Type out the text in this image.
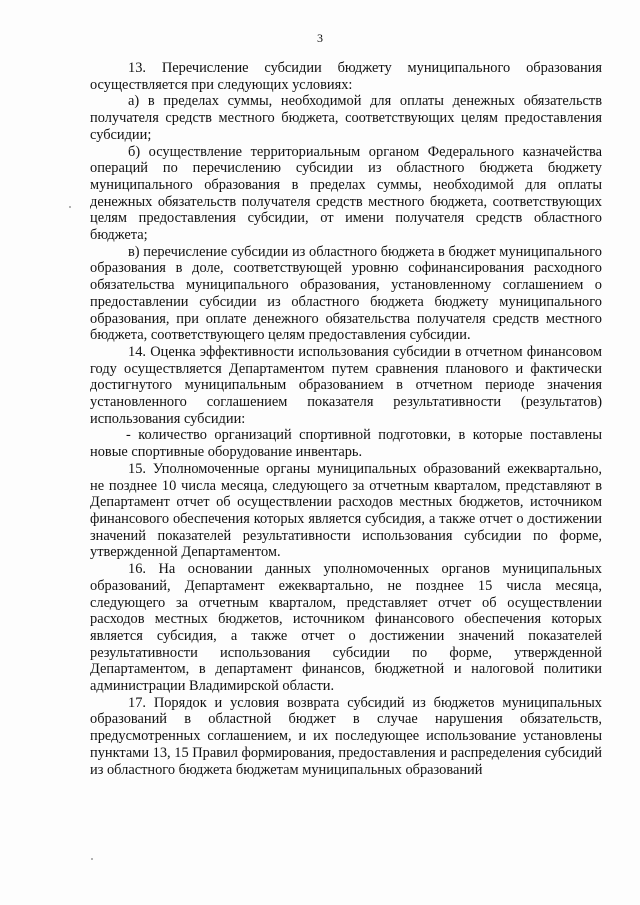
3

13. Перечисление субсидии бюджету муниципального образования осуществляется при следующих условиях:

а) в пределах суммы, необходимой для оплаты денежных обязательств получателя средств местного бюджета, соответствующих целям предоставления субсидии;

б) осуществление территориальным органом Федерального казначейства операций по перечислению субсидии из областного бюджета бюджету муниципального образования в пределах суммы, необходимой для оплаты денежных обязательств получателя средств местного бюджета, соответствующих целям предоставления субсидии, от имени получателя средств областного бюджета;

в) перечисление субсидии из областного бюджета в бюджет муниципального образования в доле, соответствующей уровню софинансирования расходного обязательства муниципального образования, установленному соглашением о предоставлении субсидии из областного бюджета бюджету муниципального образования, при оплате денежного обязательства получателя средств местного бюджета, соответствующего целям предоставления субсидии.

14. Оценка эффективности использования субсидии в отчетном финансовом году осуществляется Департаментом путем сравнения планового и фактически достигнутого муниципальным образованием в отчетном периоде значения установленного соглашением показателя результативности (результатов) использования субсидии:

- количество организаций спортивной подготовки, в которые поставлены новые спортивные оборудование инвентарь.

15. Уполномоченные органы муниципальных образований ежеквартально, не позднее 10 числа месяца, следующего за отчетным кварталом, представляют в Департамент отчет об осуществлении расходов местных бюджетов, источником финансового обеспечения которых является субсидия, а также отчет о достижении значений показателей результативности использования субсидии по форме, утвержденной Департаментом.

16. На основании данных уполномоченных органов муниципальных образований, Департамент ежеквартально, не позднее 15 числа месяца, следующего за отчетным кварталом, представляет отчет об осуществлении расходов местных бюджетов, источником финансового обеспечения которых является субсидия, а также отчет о достижении значений показателей результативности использования субсидии по форме, утвержденной Департаментом, в департамент финансов, бюджетной и налоговой политики администрации Владимирской области.

17. Порядок и условия возврата субсидий из бюджетов муниципальных образований в областной бюджет в случае нарушения обязательств, предусмотренных соглашением, и их последующее использование установлены пунктами 13, 15 Правил формирования, предоставления и распределения субсидий из областного бюджета бюджетам муниципальных образований
